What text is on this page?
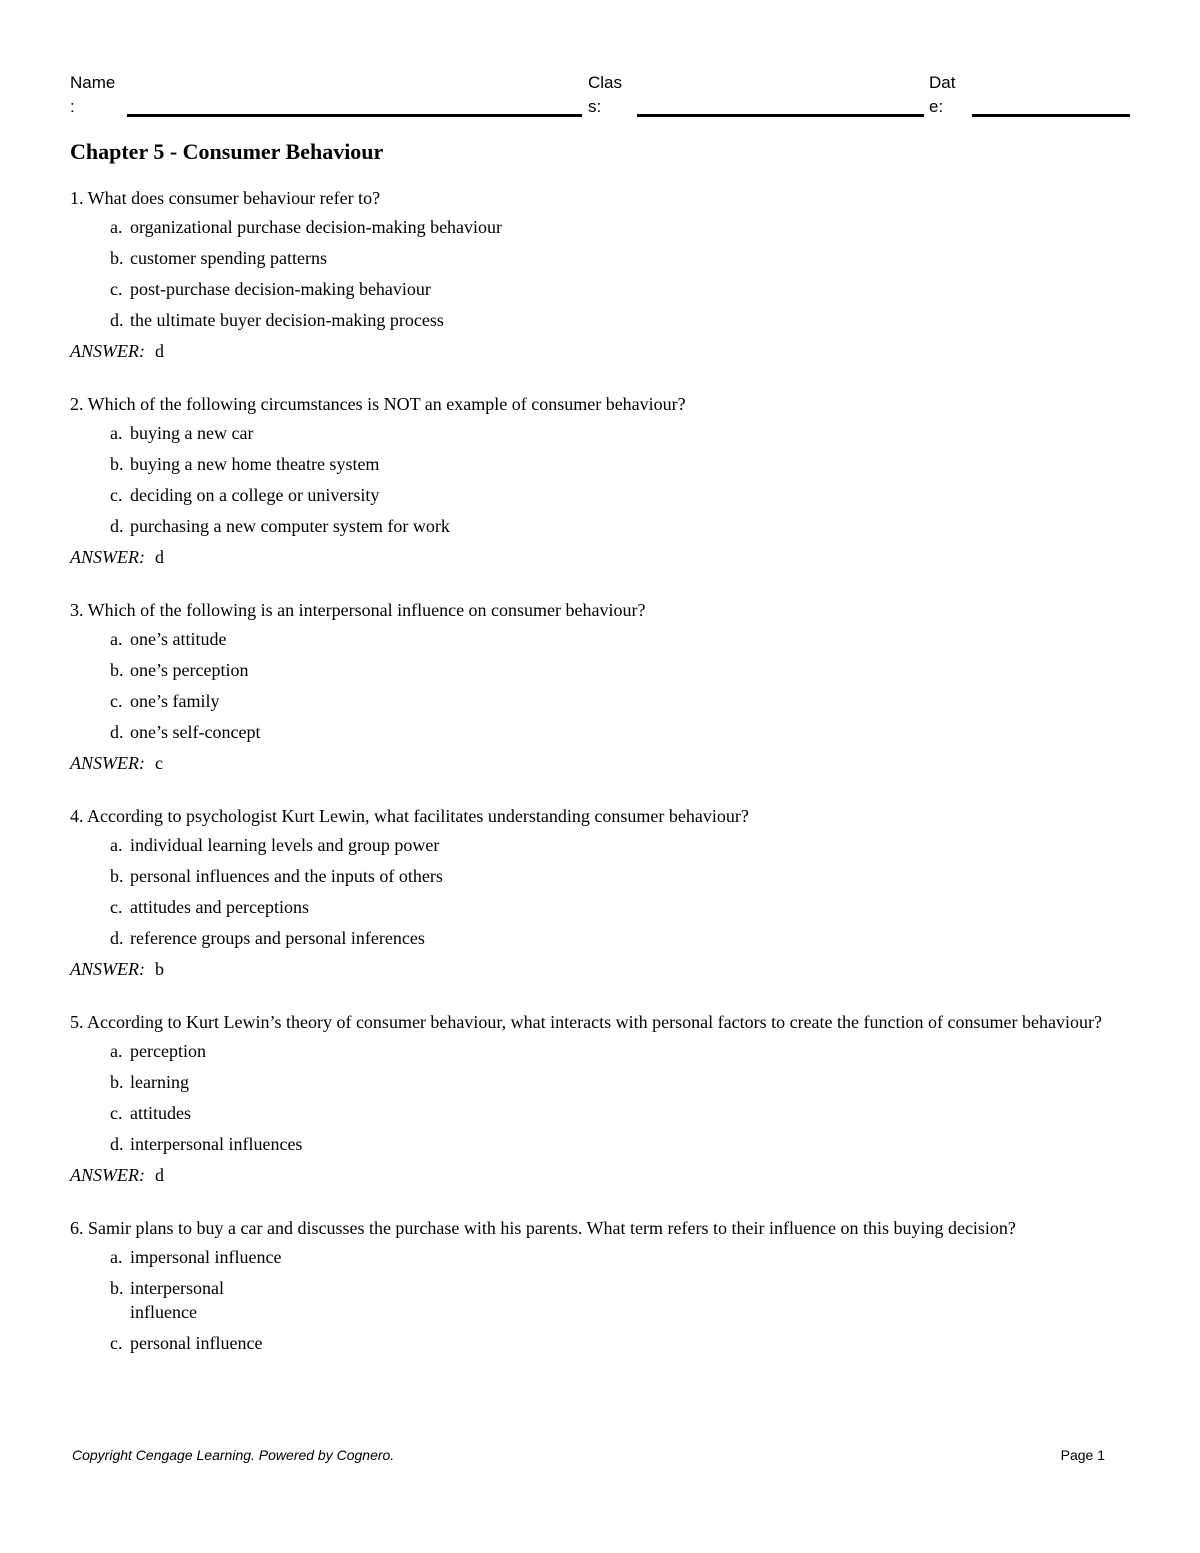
Name
:
Clas
s:
Dat
e:
Chapter 5 - Consumer Behaviour
1. What does consumer behaviour refer to?
a. organizational purchase decision-making behaviour
b. customer spending patterns
c. post-purchase decision-making behaviour
d. the ultimate buyer decision-making process
ANSWER: d
2. Which of the following circumstances is NOT an example of consumer behaviour?
a. buying a new car
b. buying a new home theatre system
c. deciding on a college or university
d. purchasing a new computer system for work
ANSWER: d
3. Which of the following is an interpersonal influence on consumer behaviour?
a. one’s attitude
b. one’s perception
c. one’s family
d. one’s self-concept
ANSWER: c
4. According to psychologist Kurt Lewin, what facilitates understanding consumer behaviour?
a. individual learning levels and group power
b. personal influences and the inputs of others
c. attitudes and perceptions
d. reference groups and personal inferences
ANSWER: b
5. According to Kurt Lewin’s theory of consumer behaviour, what interacts with personal factors to create the function of consumer behaviour?
a. perception
b. learning
c. attitudes
d. interpersonal influences
ANSWER: d
6. Samir plans to buy a car and discusses the purchase with his parents. What term refers to their influence on this buying decision?
a. impersonal influence
b. interpersonal influence
c. personal influence
Copyright Cengage Learning. Powered by Cognero.	Page 1
